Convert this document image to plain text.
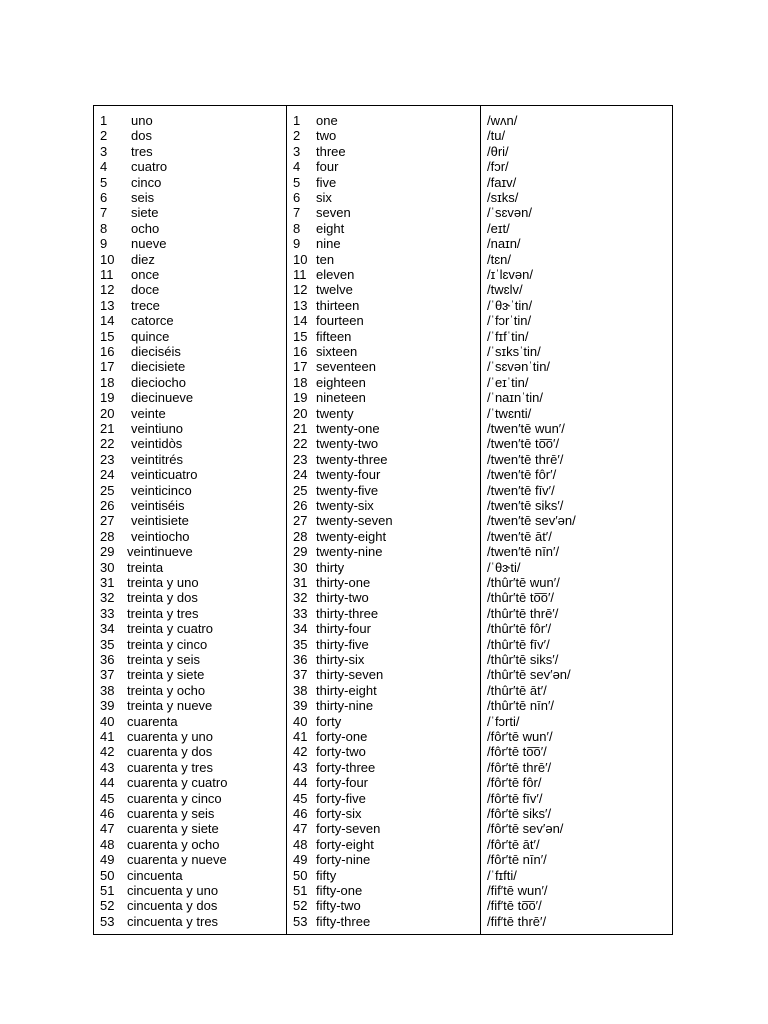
1 uno
2 dos
3 tres
4 cuatro
5 cinco
6 seis
7 siete
8 ocho
9 nueve
10 diez
11 once
12 doce
13 trece
14 catorce
15 quince
16 dieciséis
17 diecisiete
18 dieciocho
19 diecinueve
20 veinte
21 veintiuno
22 veintidòs
23 veintitrés
24 veinticuatro
25 veinticinco
26 veintiséis
27 veintisiete
28 veintiocho
29 veintinueve
30 treinta
31 treinta y uno
32 treinta y dos
33 treinta y tres
34 treinta y cuatro
35 treinta y cinco
36 treinta y seis
37 treinta y siete
38 treinta y ocho
39 treinta y nueve
40 cuarenta
41 cuarenta y uno
42 cuarenta y dos
43 cuarenta y tres
44 cuarenta y cuatro
45 cuarenta y cinco
46 cuarenta y seis
47 cuarenta y siete
48 cuarenta y ocho
49 cuarenta y nueve
50 cincuenta
51 cincuenta y uno
52 cincuenta y dos
53 cincuenta y tres
1 one
2 two
3 three
4 four
5 five
6 six
7 seven
8 eight
9 nine
10 ten
11 eleven
12 twelve
13 thirteen
14 fourteen
15 fifteen
16 sixteen
17 seventeen
18 eighteen
19 nineteen
20 twenty
21 twenty-one
22 twenty-two
23 twenty-three
24 twenty-four
25 twenty-five
26 twenty-six
27 twenty-seven
28 twenty-eight
29 twenty-nine
30 thirty
31 thirty-one
32 thirty-two
33 thirty-three
34 thirty-four
35 thirty-five
36 thirty-six
37 thirty-seven
38 thirty-eight
39 thirty-nine
40 forty
41 forty-one
42 forty-two
43 forty-three
44 forty-four
45 forty-five
46 forty-six
47 forty-seven
48 forty-eight
49 forty-nine
50 fifty
51 fifty-one
52 fifty-two
53 fifty-three
/wʌn/
/tu/
/θri/
/fɔr/
/faɪv/
/sɪks/
/ˈsɛvən/
/eɪt/
/naɪn/
/tɛn/
/ɪˈlɛvən/
/twɛlv/
/ˈθɝˈtin/
/ˈfɔrˈtin/
/ˈfɪfˈtin/
/ˈsɪksˈtin/
/ˈsɛvənˈtin/
/ˈeɪˈtin/
/ˈnaɪnˈtin/
/ˈtwɛnti/
/twen′tē wun′/
/twen′tē to͞o′/
/twen′tē thrē′/
/twen′tē fôr′/
/twen′tē fīv′/
/twen′tē siks′/
/twen′tē sev′ən/
/twen′tē āt′/
/twen′tē nīn′/
/ˈθɝti/
/thûr′tē wun′/
/thûr′tē to͞o′/
/thûr′tē thrē′/
/thûr′tē fôr′/
/thûr′tē fīv′/
/thûr′tē siks′/
/thûr′tē sev′ən/
/thûr′tē āt′/
/thûr′tē nīn′/
/ˈfɔrti/
/fôr′tē wun′/
/fôr′tē to͞o′/
/fôr′tē thrē′/
/fôr′tē fôr/
/fôr′tē fīv′/
/fôr′tē siks′/
/fôr′tē sev′ən/
/fôr′tē āt′/
/fôr′tē nīn′/
/ˈfɪfti/
/fif′tē wun′/
/fif′tē to͞o′/
/fif′tē thrē′/
